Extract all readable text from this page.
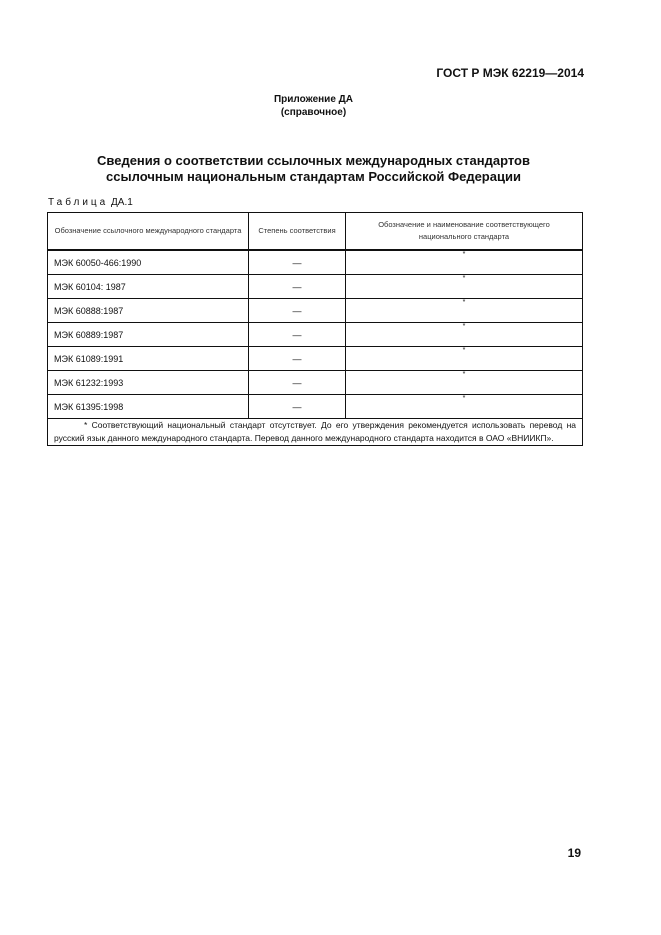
ГОСТ Р МЭК 62219—2014
Приложение ДА
(справочное)
Сведения о соответствии ссылочных международных стандартов
ссылочным национальным стандартам Российской Федерации
Таблица ДА.1
Обозначение ссылочного международного стандарта	Степень соответствия	Обозначение и наименование соответствующего национального стандарта
МЭК 60050-466:1990	—	*
МЭК 60104: 1987	—	*
МЭК 60888:1987	—	*
МЭК 60889:1987	—	*
МЭК 61089:1991	—	*
МЭК 61232:1993	—	*
МЭК 61395:1998	—	*
* Соответствующий национальный стандарт отсутствует. До его утверждения рекомендуется использовать перевод на русский язык данного международного стандарта. Перевод данного международного стандарта находится в ОАО «ВНИИКП».		
19
